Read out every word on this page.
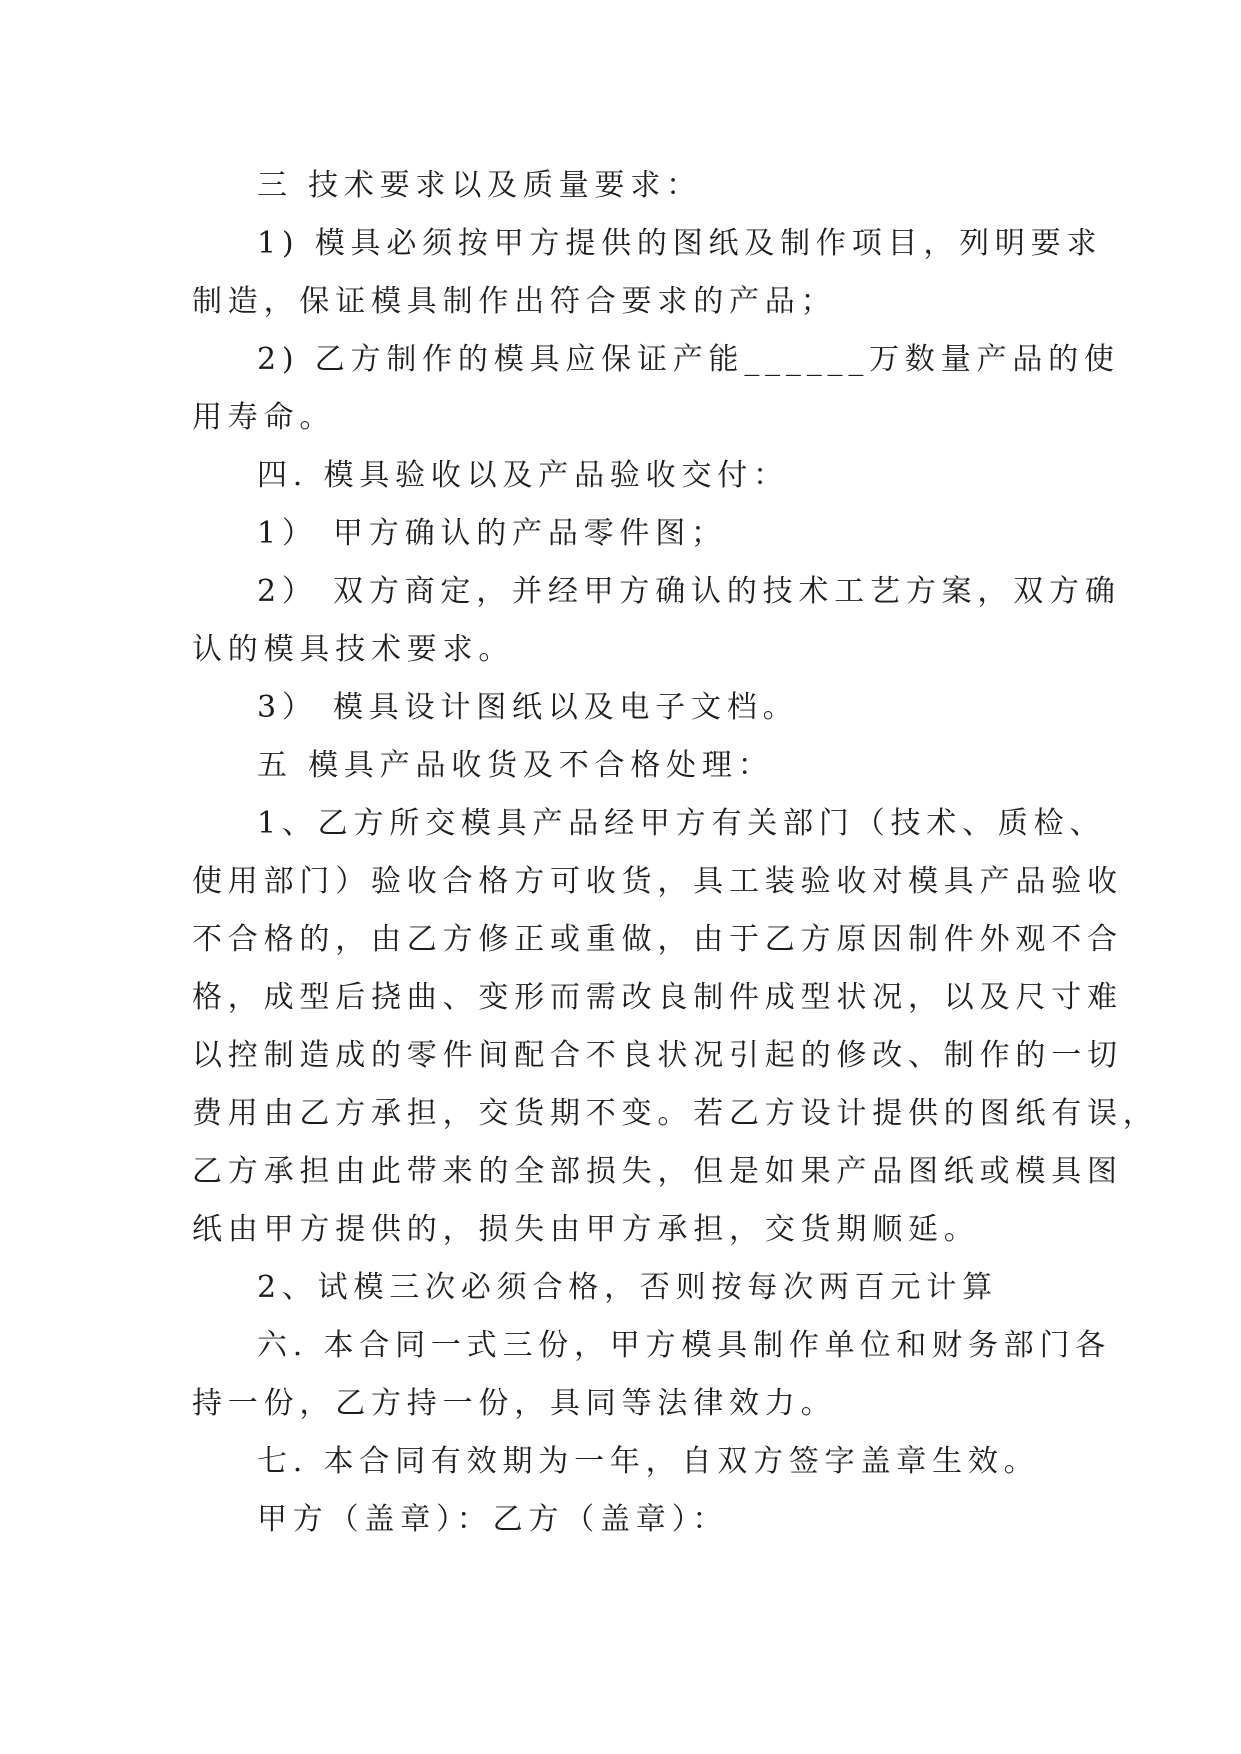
三 技术要求以及质量要求：
1) 模具必须按甲方提供的图纸及制作项目，列明要求
制造，保证模具制作出符合要求的产品；
2) 乙方制作的模具应保证产能______万数量产品的使
用寿命。
四. 模具验收以及产品验收交付：
1） 甲方确认的产品零件图；
2） 双方商定，并经甲方确认的技术工艺方案，双方确
认的模具技术要求。
3） 模具设计图纸以及电子文档。
五 模具产品收货及不合格处理：
1、乙方所交模具产品经甲方有关部门（技术、质检、
使用部门）验收合格方可收货，具工装验收对模具产品验收
不合格的，由乙方修正或重做，由于乙方原因制件外观不合
格，成型后挠曲、变形而需改良制件成型状况，以及尺寸难
以控制造成的零件间配合不良状况引起的修改、制作的一切
费用由乙方承担，交货期不变。若乙方设计提供的图纸有误，
乙方承担由此带来的全部损失，但是如果产品图纸或模具图
纸由甲方提供的，损失由甲方承担，交货期顺延。
2、试模三次必须合格，否则按每次两百元计算
六. 本合同一式三份，甲方模具制作单位和财务部门各
持一份，乙方持一份，具同等法律效力。
七. 本合同有效期为一年，自双方签字盖章生效。
甲方（盖章）：乙方（盖章）：
